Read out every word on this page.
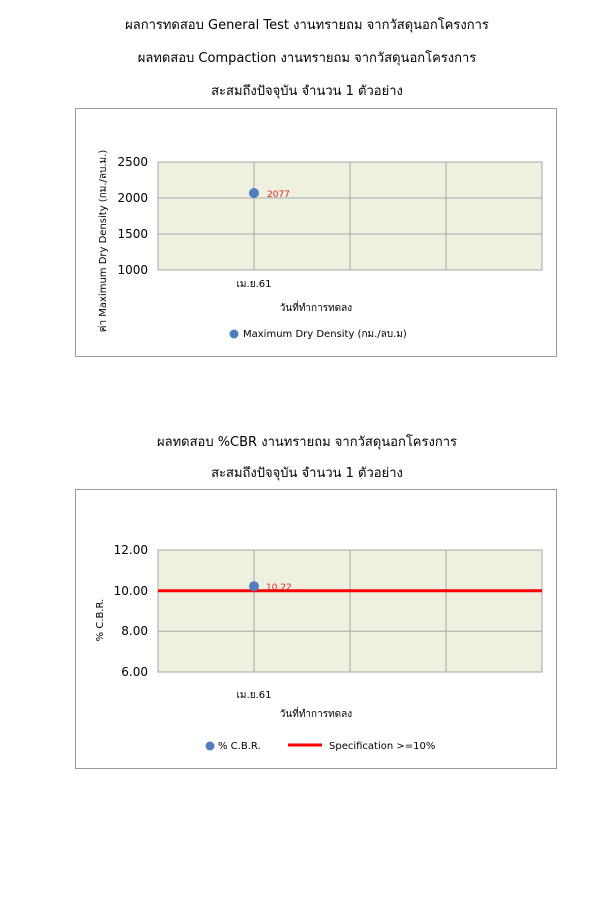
ผลการทดสอบ General Test งานทรายถม จากวัสดุนอกโครงการ
ผลทดสอบ Compaction งานทรายถม จากวัสดุนอกโครงการ
สะสมถึงปัจจุบัน จำนวน 1 ตัวอย่าง
2500
2000
1500
1000
เม.ย.61
วันที่ทำการทดลง
ค่า Maximum Dry Density (กม./ลบ.ม.)	2077
Maximum Dry Density (กม./ลบ.ม)
ผลทดสอบ %CBR งานทรายถม จากวัสดุนอกโครงการ
สะสมถึงปัจจุบัน จำนวน 1 ตัวอย่าง
12.00
10.00
8.00
6.00
10.22
เม.ย.61
วันที่ทำการทดลง
% C.B.R.
% C.B.R.	Specification >=10%
